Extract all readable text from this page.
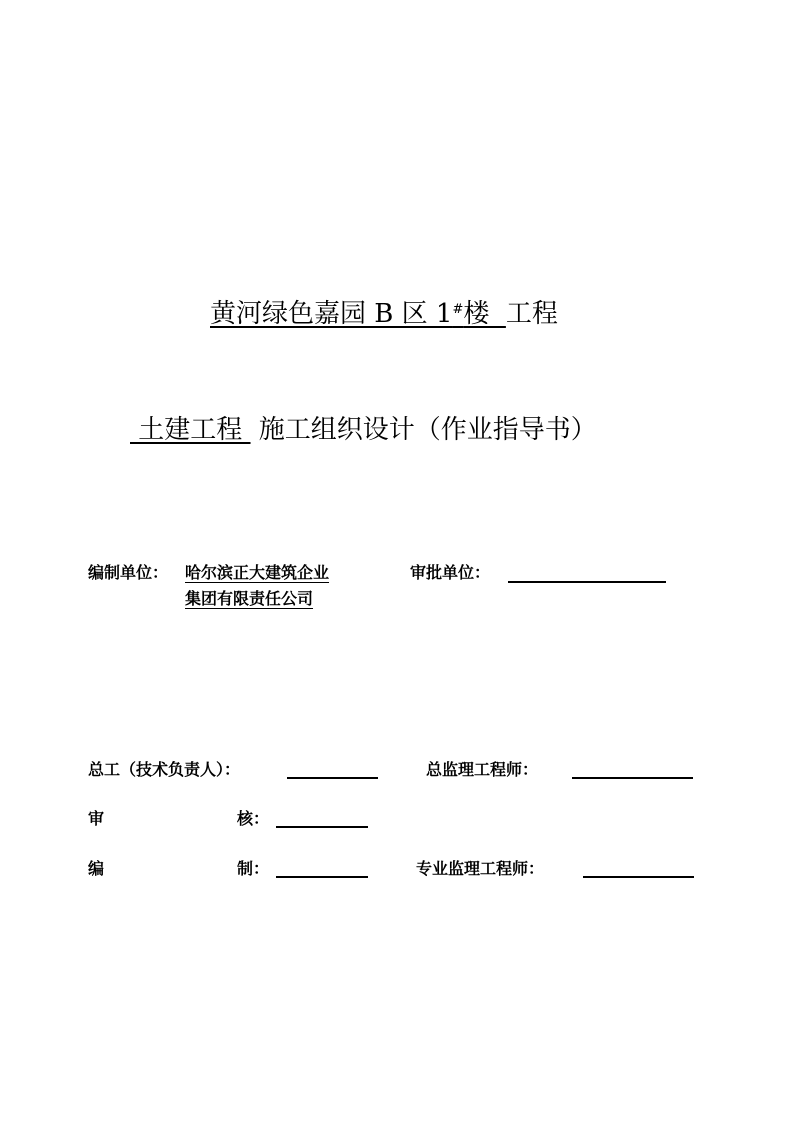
黄河绿色嘉园 B 区 1#楼  工程
土建工程  施工组织设计（作业指导书）
编制单位： 哈尔滨正大建筑企业
集团有限责任公司
审批单位：
总工（技术负责人）：	总监理工程师：
审	核：
编	制：	专业监理工程师：
